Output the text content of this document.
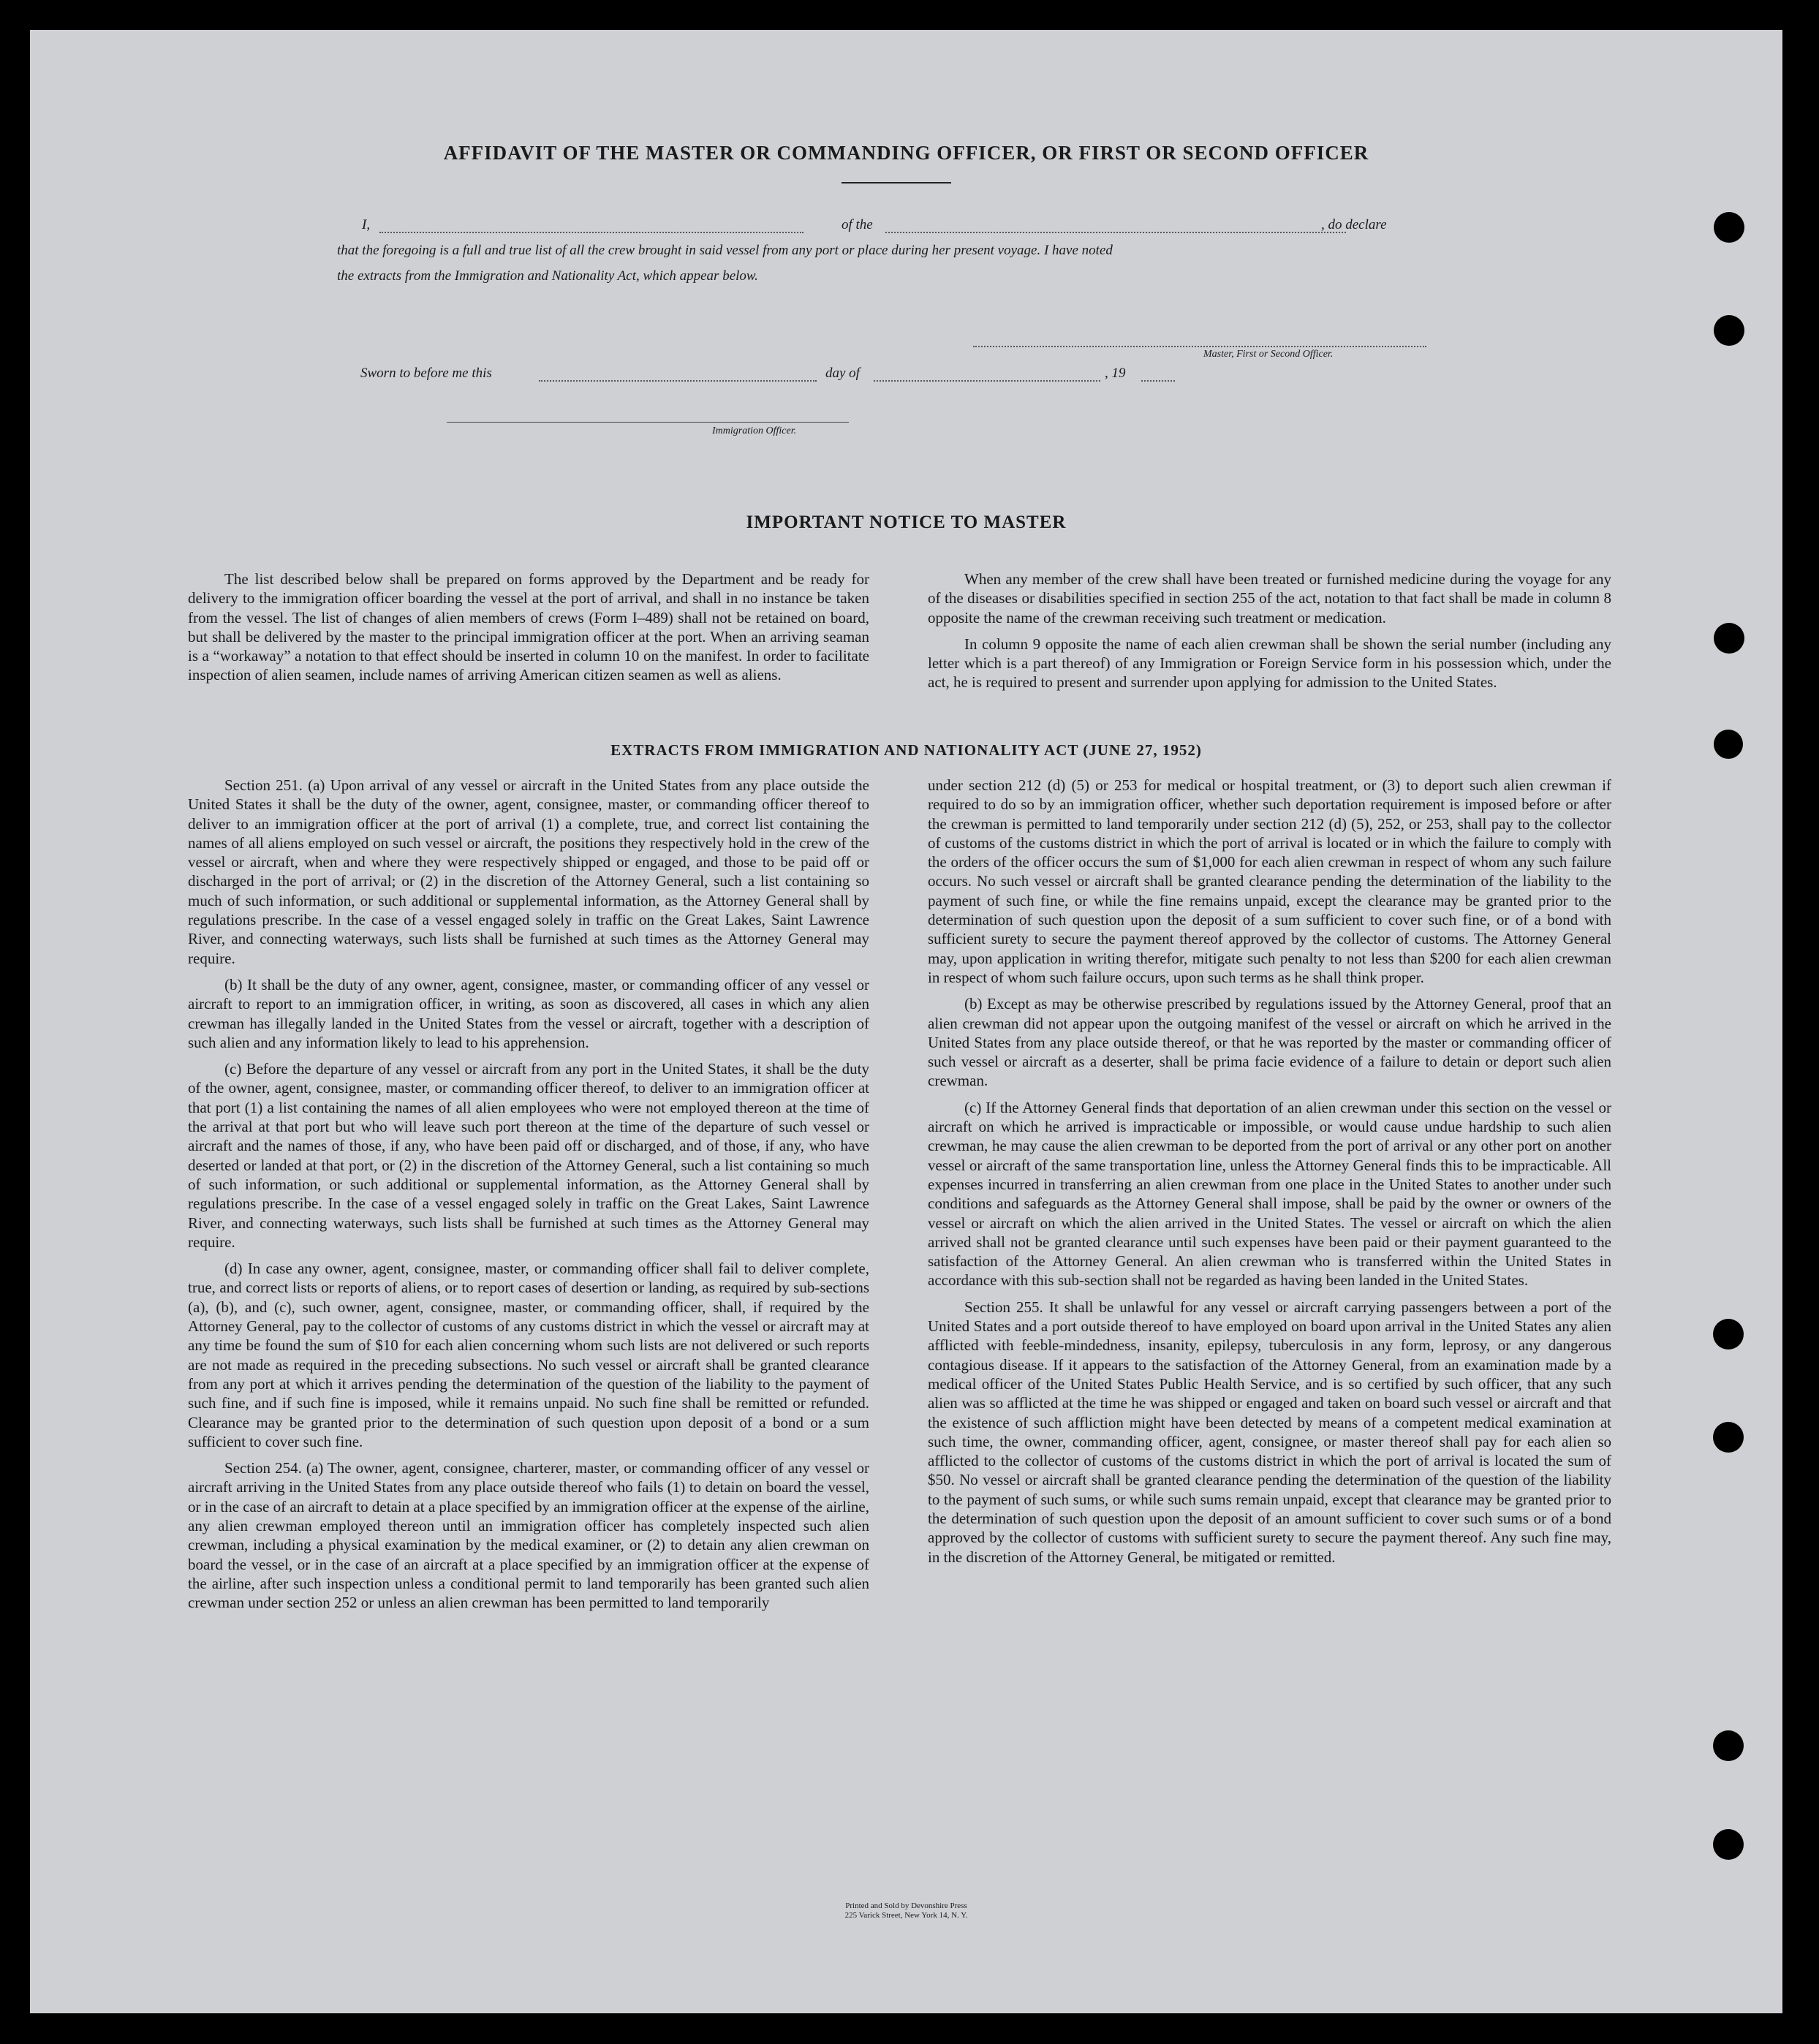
AFFIDAVIT OF THE MASTER OR COMMANDING OFFICER, OR FIRST OR SECOND OFFICER
I,	of the	, do declare
that the foregoing is a full and true list of all the crew brought in said vessel from any port or place during her present voyage. I have noted
the extracts from the Immigration and Nationality Act, which appear below.
Master, First or Second Officer.
Sworn to before me this	day of	, 19
Immigration Officer.
IMPORTANT NOTICE TO MASTER

The list described below shall be prepared on forms approved by the Department and be ready for delivery to the immigration officer boarding the vessel at the port of arrival, and shall in no instance be taken from the vessel. The list of changes of alien members of crews (Form I–489) shall not be retained on board, but shall be delivered by the master to the principal immigration officer at the port. When an arriving seaman is a “workaway” a notation to that effect should be inserted in column 10 on the manifest. In order to facilitate inspection of alien seamen, include names of arriving American citizen seamen as well as aliens.

When any member of the crew shall have been treated or furnished medicine during the voyage for any of the diseases or disabilities specified in section 255 of the act, notation to that fact shall be made in column 8 opposite the name of the crewman receiving such treatment or medication.

In column 9 opposite the name of each alien crewman shall be shown the serial number (including any letter which is a part thereof) of any Immigration or Foreign Service form in his possession which, under the act, he is required to present and surrender upon applying for admission to the United States.

EXTRACTS FROM IMMIGRATION AND NATIONALITY ACT (JUNE 27, 1952)

Section 251. (a) Upon arrival of any vessel or aircraft in the United States from any place outside the United States it shall be the duty of the owner, agent, consignee, master, or commanding officer thereof to deliver to an immigration officer at the port of arrival (1) a complete, true, and correct list containing the names of all aliens employed on such vessel or aircraft, the positions they respectively hold in the crew of the vessel or aircraft, when and where they were respectively shipped or engaged, and those to be paid off or discharged in the port of arrival; or (2) in the discretion of the Attorney General, such a list containing so much of such information, or such additional or supplemental information, as the Attorney General shall by regulations prescribe. In the case of a vessel engaged solely in traffic on the Great Lakes, Saint Lawrence River, and connecting waterways, such lists shall be furnished at such times as the Attorney General may require.

(b) It shall be the duty of any owner, agent, consignee, master, or commanding officer of any vessel or aircraft to report to an immigration officer, in writing, as soon as discovered, all cases in which any alien crewman has illegally landed in the United States from the vessel or aircraft, together with a description of such alien and any information likely to lead to his apprehension.

(c) Before the departure of any vessel or aircraft from any port in the United States, it shall be the duty of the owner, agent, consignee, master, or commanding officer thereof, to deliver to an immigration officer at that port (1) a list containing the names of all alien employees who were not employed thereon at the time of the arrival at that port but who will leave such port thereon at the time of the departure of such vessel or aircraft and the names of those, if any, who have been paid off or discharged, and of those, if any, who have deserted or landed at that port, or (2) in the discretion of the Attorney General, such a list containing so much of such information, or such additional or supplemental information, as the Attorney General shall by regulations prescribe. In the case of a vessel engaged solely in traffic on the Great Lakes, Saint Lawrence River, and connecting waterways, such lists shall be furnished at such times as the Attorney General may require.

(d) In case any owner, agent, consignee, master, or commanding officer shall fail to deliver complete, true, and correct lists or reports of aliens, or to report cases of desertion or landing, as required by sub-sections (a), (b), and (c), such owner, agent, consignee, master, or commanding officer, shall, if required by the Attorney General, pay to the collector of customs of any customs district in which the vessel or aircraft may at any time be found the sum of $10 for each alien concerning whom such lists are not delivered or such reports are not made as required in the preceding subsections. No such vessel or aircraft shall be granted clearance from any port at which it arrives pending the determination of the question of the liability to the payment of such fine, and if such fine is imposed, while it remains unpaid. No such fine shall be remitted or refunded. Clearance may be granted prior to the determination of such question upon deposit of a bond or a sum sufficient to cover such fine.

Section 254. (a) The owner, agent, consignee, charterer, master, or commanding officer of any vessel or aircraft arriving in the United States from any place outside thereof who fails (1) to detain on board the vessel, or in the case of an aircraft to detain at a place specified by an immigration officer at the expense of the airline, any alien crewman employed thereon until an immigration officer has completely inspected such alien crewman, including a physical examination by the medical examiner, or (2) to detain any alien crewman on board the vessel, or in the case of an aircraft at a place specified by an immigration officer at the expense of the airline, after such inspection unless a conditional permit to land temporarily has been granted such alien crewman under section 252 or unless an alien crewman has been permitted to land temporarily

under section 212 (d) (5) or 253 for medical or hospital treatment, or (3) to deport such alien crewman if required to do so by an immigration officer, whether such deportation requirement is imposed before or after the crewman is permitted to land temporarily under section 212 (d) (5), 252, or 253, shall pay to the collector of customs of the customs district in which the port of arrival is located or in which the failure to comply with the orders of the officer occurs the sum of $1,000 for each alien crewman in respect of whom any such failure occurs. No such vessel or aircraft shall be granted clearance pending the determination of the liability to the payment of such fine, or while the fine remains unpaid, except the clearance may be granted prior to the determination of such question upon the deposit of a sum sufficient to cover such fine, or of a bond with sufficient surety to secure the payment thereof approved by the collector of customs. The Attorney General may, upon application in writing therefor, mitigate such penalty to not less than $200 for each alien crewman in respect of whom such failure occurs, upon such terms as he shall think proper.

(b) Except as may be otherwise prescribed by regulations issued by the Attorney General, proof that an alien crewman did not appear upon the outgoing manifest of the vessel or aircraft on which he arrived in the United States from any place outside thereof, or that he was reported by the master or commanding officer of such vessel or aircraft as a deserter, shall be prima facie evidence of a failure to detain or deport such alien crewman.

(c) If the Attorney General finds that deportation of an alien crewman under this section on the vessel or aircraft on which he arrived is impracticable or impossible, or would cause undue hardship to such alien crewman, he may cause the alien crewman to be deported from the port of arrival or any other port on another vessel or aircraft of the same transportation line, unless the Attorney General finds this to be impracticable. All expenses incurred in transferring an alien crewman from one place in the United States to another under such conditions and safeguards as the Attorney General shall impose, shall be paid by the owner or owners of the vessel or aircraft on which the alien arrived in the United States. The vessel or aircraft on which the alien arrived shall not be granted clearance until such expenses have been paid or their payment guaranteed to the satisfaction of the Attorney General. An alien crewman who is transferred within the United States in accordance with this sub-section shall not be regarded as having been landed in the United States.

Section 255. It shall be unlawful for any vessel or aircraft carrying passengers between a port of the United States and a port outside thereof to have employed on board upon arrival in the United States any alien afflicted with feeble-mindedness, insanity, epilepsy, tuberculosis in any form, leprosy, or any dangerous contagious disease. If it appears to the satisfaction of the Attorney General, from an examination made by a medical officer of the United States Public Health Service, and is so certified by such officer, that any such alien was so afflicted at the time he was shipped or engaged and taken on board such vessel or aircraft and that the existence of such affliction might have been detected by means of a competent medical examination at such time, the owner, commanding officer, agent, consignee, or master thereof shall pay for each alien so afflicted to the collector of customs of the customs district in which the port of arrival is located the sum of $50. No vessel or aircraft shall be granted clearance pending the determination of the question of the liability to the payment of such sums, or while such sums remain unpaid, except that clearance may be granted prior to the determination of such question upon the deposit of an amount sufficient to cover such sums or of a bond approved by the collector of customs with sufficient surety to secure the payment thereof. Any such fine may, in the discretion of the Attorney General, be mitigated or remitted.

Printed and Sold by Devonshire Press
225 Varick Street, New York 14, N. Y.
